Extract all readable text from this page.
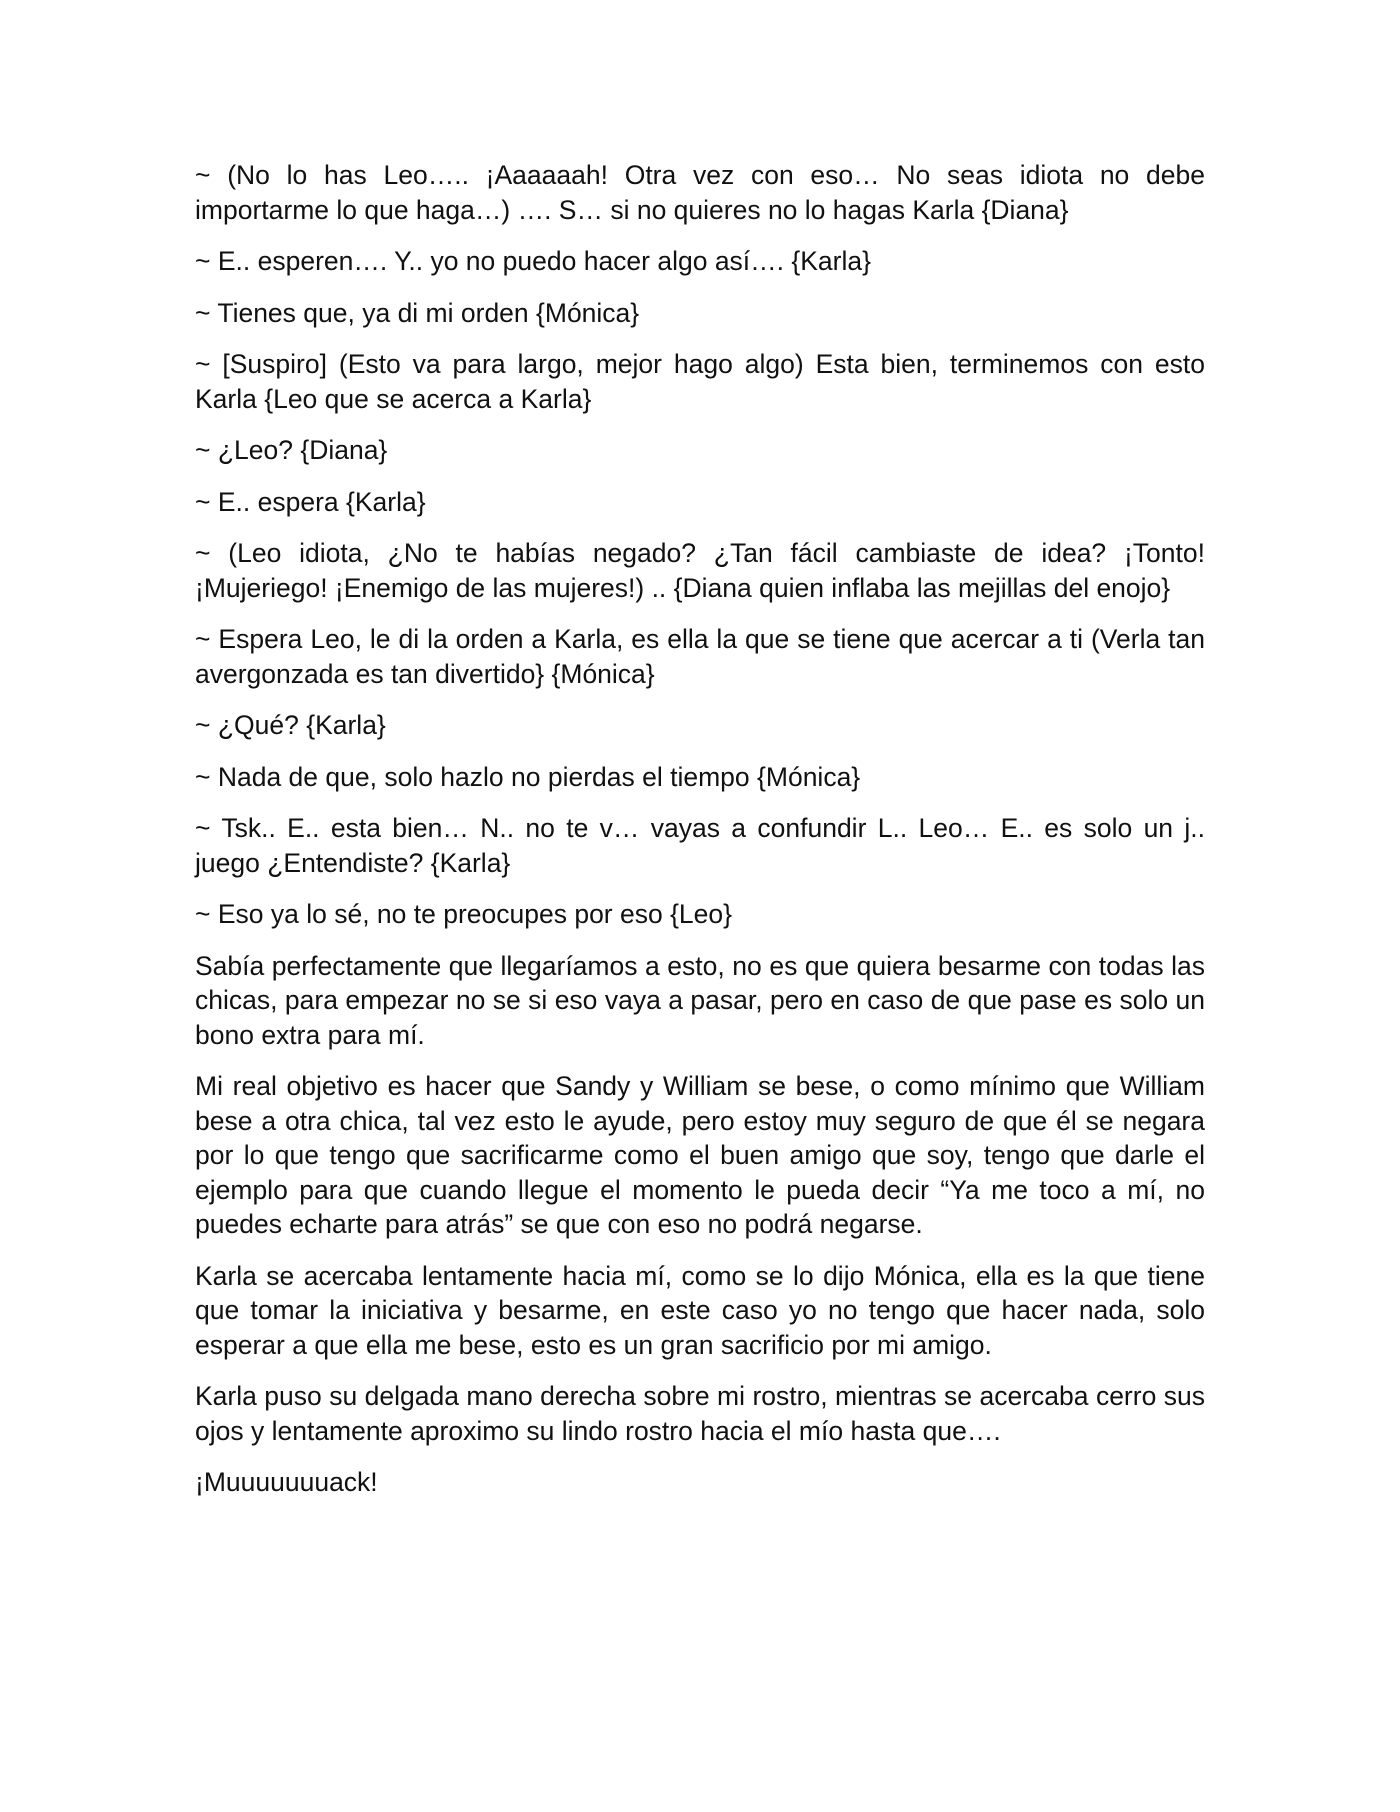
~ (No lo has Leo….. ¡Aaaaaah! Otra vez con eso… No seas idiota no debe importarme lo que haga…) …. S… si no quieres no lo hagas Karla {Diana}

~ E.. esperen…. Y.. yo no puedo hacer algo así…. {Karla}

~ Tienes que, ya di mi orden {Mónica}

~ [Suspiro] (Esto va para largo, mejor hago algo) Esta bien, terminemos con esto Karla {Leo que se acerca a Karla}

~ ¿Leo? {Diana}

~ E.. espera {Karla}

~ (Leo idiota, ¿No te habías negado? ¿Tan fácil cambiaste de idea? ¡Tonto! ¡Mujeriego! ¡Enemigo de las mujeres!) .. {Diana quien inflaba las mejillas del enojo}

~ Espera Leo, le di la orden a Karla, es ella la que se tiene que acercar a ti (Verla tan avergonzada es tan divertido} {Mónica}

~ ¿Qué? {Karla}

~ Nada de que, solo hazlo no pierdas el tiempo {Mónica}

~ Tsk.. E.. esta bien… N.. no te v… vayas a confundir L.. Leo… E.. es solo un j.. juego ¿Entendiste? {Karla}

~ Eso ya lo sé, no te preocupes por eso {Leo}

Sabía perfectamente que llegaríamos a esto, no es que quiera besarme con todas las chicas, para empezar no se si eso vaya a pasar, pero en caso de que pase es solo un bono extra para mí.

Mi real objetivo es hacer que Sandy y William se bese, o como mínimo que William bese a otra chica, tal vez esto le ayude, pero estoy muy seguro de que él se negara por lo que tengo que sacrificarme como el buen amigo que soy, tengo que darle el ejemplo para que cuando llegue el momento le pueda decir “Ya me toco a mí, no puedes echarte para atrás” se que con eso no podrá negarse.

Karla se acercaba lentamente hacia mí, como se lo dijo Mónica, ella es la que tiene que tomar la iniciativa y besarme, en este caso yo no tengo que hacer nada, solo esperar a que ella me bese, esto es un gran sacrificio por mi amigo.

Karla puso su delgada mano derecha sobre mi rostro, mientras se acercaba cerro sus ojos y lentamente aproximo su lindo rostro hacia el mío hasta que….

¡Muuuuuuuack!
